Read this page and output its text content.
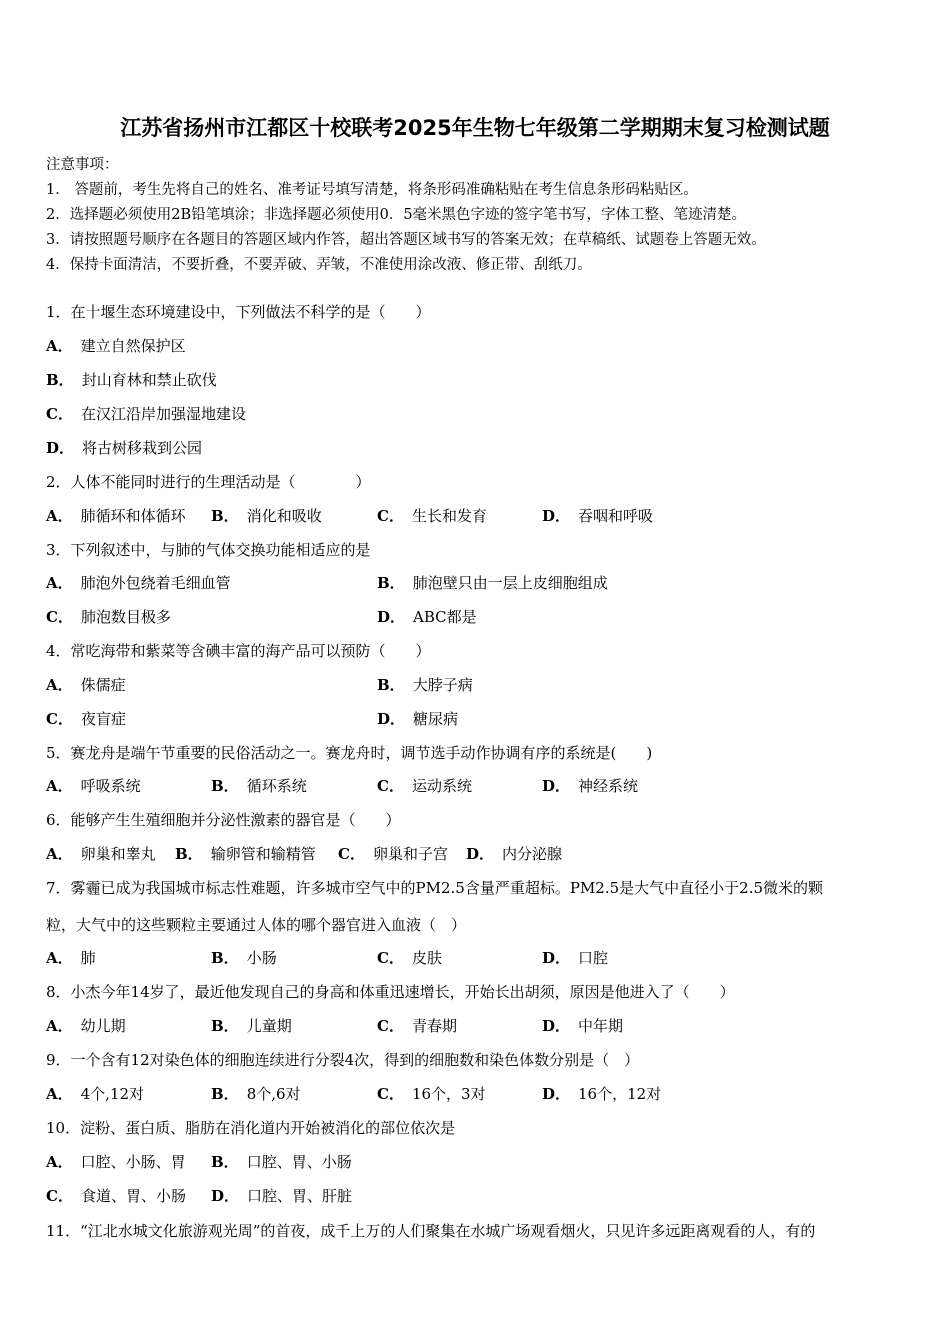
江苏省扬州市江都区十校联考2025年生物七年级第二学期期末复习检测试题
注意事项：
1． 答题前，考生先将自己的姓名、准考证号填写清楚，将条形码准确粘贴在考生信息条形码粘贴区。
2．选择题必须使用2B铅笔填涂；非选择题必须使用0．5毫米黑色字迹的签字笔书写，字体工整、笔迹清楚。
3．请按照题号顺序在各题目的答题区域内作答，超出答题区域书写的答案无效；在草稿纸、试题卷上答题无效。
4．保持卡面清洁，不要折叠，不要弄破、弄皱，不准使用涂改液、修正带、刮纸刀。
1．在十堰生态环境建设中，下列做法不科学的是（　　）
A． 建立自然保护区
B． 封山育林和禁止砍伐
C． 在汉江沿岸加强湿地建设
D． 将古树移栽到公园
2．人体不能同时进行的生理活动是（　　　　）
A． 肺循环和体循环 B． 消化和吸收	C． 生长和发育	D． 吞咽和呼吸
3．下列叙述中，与肺的气体交换功能相适应的是
A． 肺泡外包绕着毛细血管	B． 肺泡壁只由一层上皮细胞组成
C． 肺泡数目极多	D． ABC都是
4．常吃海带和紫菜等含碘丰富的海产品可以预防（　　）
A． 侏儒症	B． 大脖子病
C． 夜盲症	D． 糖尿病
5．赛龙舟是端午节重要的民俗活动之一。赛龙舟时，调节选手动作协调有序的系统是(　　)
A． 呼吸系统	B． 循环系统	C． 运动系统	D． 神经系统
6．能够产生生殖细胞并分泌性激素的器官是（　　）
A． 卵巢和睾丸 B． 输卵管和输精管 C． 卵巢和子宫 D． 内分泌腺
7．雾霾已成为我国城市标志性难题，许多城市空气中的PM2.5含量严重超标。PM2.5是大气中直径小于2.5微米的颗
粒，大气中的这些颗粒主要通过人体的哪个器官进入血液（　）
A． 肺	B． 小肠	C． 皮肤	D． 口腔
8．小杰今年14岁了，最近他发现自己的身高和体重迅速增长，开始长出胡须，原因是他进入了（　　）
A． 幼儿期	B． 儿童期	C． 青春期	D． 中年期
9．一个含有12对染色体的细胞连续进行分裂4次，得到的细胞数和染色体数分别是（　）
A． 4个,12对	B． 8个,6对	C． 16个，3对	D． 16个，12对
10．淀粉、蛋白质、脂肪在消化道内开始被消化的部位依次是
A． 口腔、小肠、胃 B． 口腔、胃、小肠
C． 食道、胃、小肠 D． 口腔、胃、肝脏
11．“江北水城文化旅游观光周”的首夜，成千上万的人们聚集在水城广场观看烟火，只见许多远距离观看的人，有的
